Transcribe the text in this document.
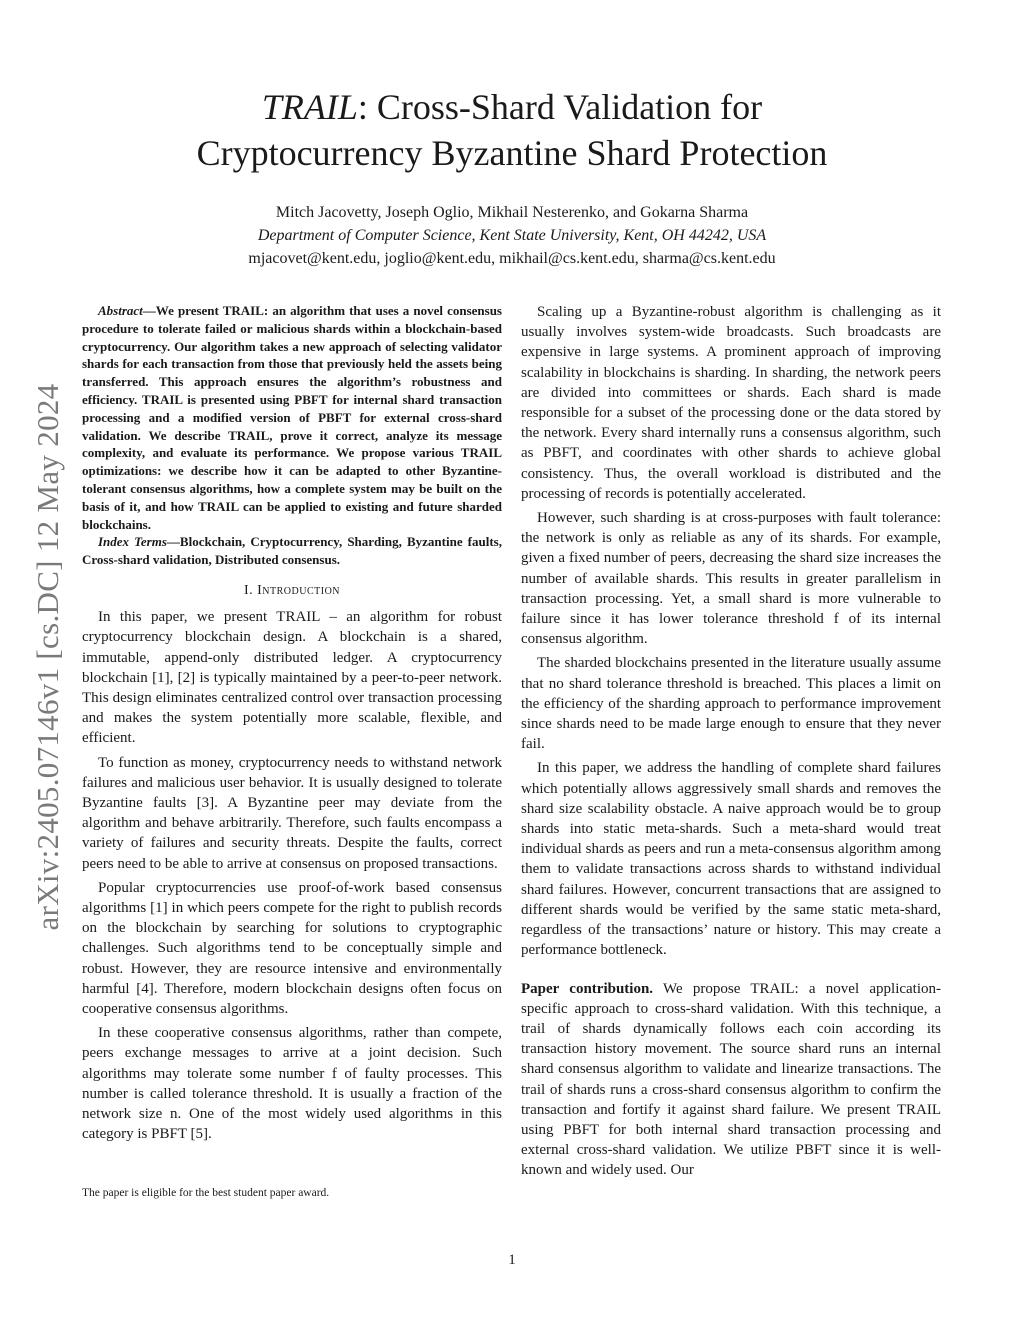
TRAIL: Cross-Shard Validation for
Cryptocurrency Byzantine Shard Protection
Mitch Jacovetty, Joseph Oglio, Mikhail Nesterenko, and Gokarna Sharma
Department of Computer Science, Kent State University, Kent, OH 44242, USA
mjacovet@kent.edu, joglio@kent.edu, mikhail@cs.kent.edu, sharma@cs.kent.edu
arXiv:2405.07146v1 [cs.DC] 12 May 2024

Abstract—We present TRAIL: an algorithm that uses a novel consensus procedure to tolerate failed or malicious shards within a blockchain-based cryptocurrency. Our algorithm takes a new approach of selecting validator shards for each transaction from those that previously held the assets being transferred. This approach ensures the algorithm’s robustness and efficiency. TRAIL is presented using PBFT for internal shard transaction processing and a modified version of PBFT for external cross-shard validation. We describe TRAIL, prove it correct, analyze its message complexity, and evaluate its performance. We propose various TRAIL optimizations: we describe how it can be adapted to other Byzantine-tolerant consensus algorithms, how a complete system may be built on the basis of it, and how TRAIL can be applied to existing and future sharded blockchains.

Index Terms—Blockchain, Cryptocurrency, Sharding, Byzantine faults, Cross-shard validation, Distributed consensus.

I. Introduction

In this paper, we present TRAIL – an algorithm for robust cryptocurrency blockchain design. A blockchain is a shared, immutable, append-only distributed ledger. A cryptocurrency blockchain [1], [2] is typically maintained by a peer-to-peer network. This design eliminates centralized control over transaction processing and makes the system potentially more scalable, flexible, and efficient.

To function as money, cryptocurrency needs to withstand network failures and malicious user behavior. It is usually designed to tolerate Byzantine faults [3]. A Byzantine peer may deviate from the algorithm and behave arbitrarily. Therefore, such faults encompass a variety of failures and security threats. Despite the faults, correct peers need to be able to arrive at consensus on proposed transactions.

Popular cryptocurrencies use proof-of-work based consensus algorithms [1] in which peers compete for the right to publish records on the blockchain by searching for solutions to cryptographic challenges. Such algorithms tend to be conceptually simple and robust. However, they are resource intensive and environmentally harmful [4]. Therefore, modern blockchain designs often focus on cooperative consensus algorithms.

In these cooperative consensus algorithms, rather than compete, peers exchange messages to arrive at a joint decision. Such algorithms may tolerate some number f of faulty processes. This number is called tolerance threshold. It is usually a fraction of the network size n. One of the most widely used algorithms in this category is PBFT [5].

The paper is eligible for the best student paper award.

Scaling up a Byzantine-robust algorithm is challenging as it usually involves system-wide broadcasts. Such broadcasts are expensive in large systems. A prominent approach of improving scalability in blockchains is sharding. In sharding, the network peers are divided into committees or shards. Each shard is made responsible for a subset of the processing done or the data stored by the network. Every shard internally runs a consensus algorithm, such as PBFT, and coordinates with other shards to achieve global consistency. Thus, the overall workload is distributed and the processing of records is potentially accelerated.

However, such sharding is at cross-purposes with fault tolerance: the network is only as reliable as any of its shards. For example, given a fixed number of peers, decreasing the shard size increases the number of available shards. This results in greater parallelism in transaction processing. Yet, a small shard is more vulnerable to failure since it has lower tolerance threshold f of its internal consensus algorithm.

The sharded blockchains presented in the literature usually assume that no shard tolerance threshold is breached. This places a limit on the efficiency of the sharding approach to performance improvement since shards need to be made large enough to ensure that they never fail.

In this paper, we address the handling of complete shard failures which potentially allows aggressively small shards and removes the shard size scalability obstacle. A naive approach would be to group shards into static meta-shards. Such a meta-shard would treat individual shards as peers and run a meta-consensus algorithm among them to validate transactions across shards to withstand individual shard failures. However, concurrent transactions that are assigned to different shards would be verified by the same static meta-shard, regardless of the transactions’ nature or history. This may create a performance bottleneck.

Paper contribution. We propose TRAIL: a novel application-specific approach to cross-shard validation. With this technique, a trail of shards dynamically follows each coin according its transaction history movement. The source shard runs an internal shard consensus algorithm to validate and linearize transactions. The trail of shards runs a cross-shard consensus algorithm to confirm the transaction and fortify it against shard failure. We present TRAIL using PBFT for both internal shard transaction processing and external cross-shard validation. We utilize PBFT since it is well-known and widely used. Our

1
